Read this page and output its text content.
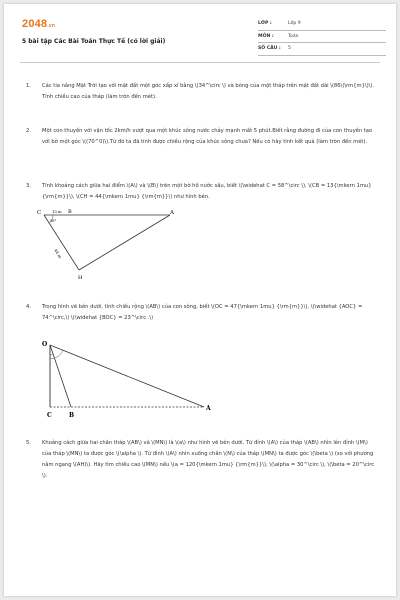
2048.vn
5 bài tập Các Bài Toán Thực Tế (có lời giải)
LỚP :	Lớp 9
MÔN :	Toán
SỐ CÂU :	5
1. Các tia nắng Mặt Trời tạo với mặt đất một góc xấp xỉ bằng \(34^\circ \) và bóng của một tháp trên mặt đất dài \(86\(\rm{m}\)\). Tính chiều cao của tháp (làm tròn đến mét).
2. Một con thuyền với vận tốc 2km/h vượt qua một khúc sông nước chảy mạnh mất 5 phút.Biết rằng đường đi của con thuyền tạo với bờ một góc \((70^0)\).Từ đó ta đã tính được chiều rộng của khúc sông chưa? Nếu có hãy tính kết quả (làm tròn đến mét).
3. Tính khoảng cách giữa hai điểm \(A\) và \(B\) trên một bờ hồ nước sâu, biết \(\widehat C = 58^\circ \), \(CB = 13{\mkern 1mu} {\rm{m}}\), \(CH = 44{\mkern 1mu} {\rm{m}}\) như hình bên.
C	13 m B	A
58°
44 m
H
4. Trong hình vẽ bên dưới, tính chiều rộng \(AB\) của con sông, biết \(OC = 47{\mkern 1mu} {\rm{m}}\), \(\widehat {AOC} = 74^\circ,\) \(\widehat {BOC} = 23^\circ .\)
O
C	B
A
5. Khoảng cách giữa hai chân tháp \(AB\) và \(MN\) là \(a\) như hình vẽ bên dưới. Từ đỉnh \(A\) của tháp \(AB\) nhìn lên đỉnh \(M\) của tháp \(MN\) ta được góc \(\alpha \). Từ đỉnh \(A\) nhìn xuống chân \(N\) của tháp \(MN\) ta được góc \(\beta \) (so với phương nằm ngang \(AH)\). Hãy tìm chiều cao \(MN\) nếu \(a = 120{\mkern 1mu} {\rm{m}}\), \(\alpha = 30^\circ \), \(\beta = 20^\circ \).
